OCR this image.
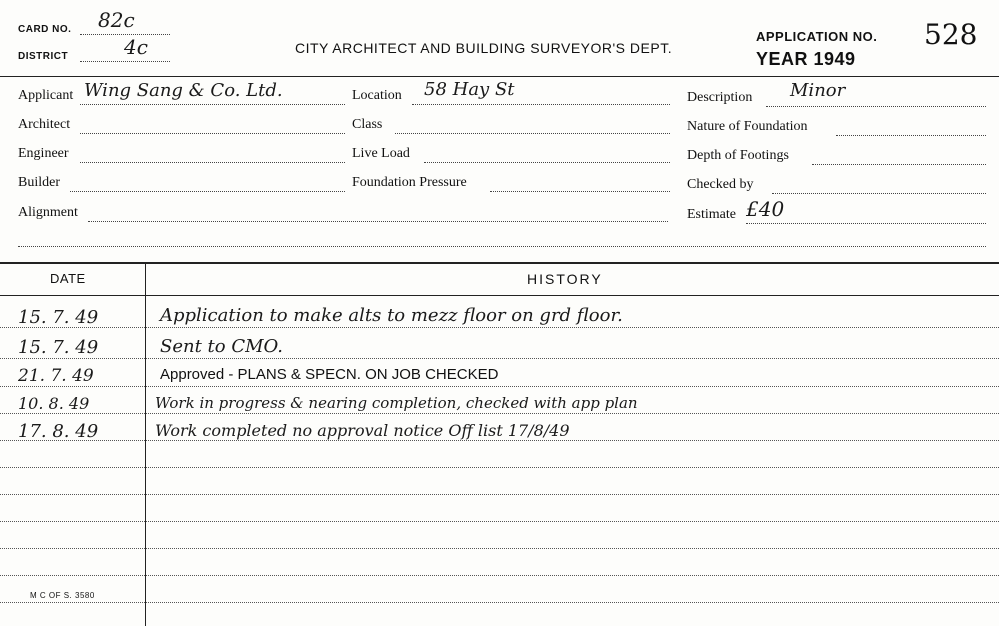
CARD NO. 82c
DISTRICT	4c	CITY ARCHITECT AND BUILDING SURVEYOR'S DEPT.
APPLICATION NO. 528
YEAR 1949
Applicant Wing Sang & Co. Ltd.
Architect
Engineer
Builder
Alignment
Location 58 Hay St
Class
Live Load
Foundation Pressure
Description Minor
Nature of Foundation
Depth of Footings
Checked by
Estimate £40
DATE	HISTORY
15. 7. 49	Application to make alts to mezz floor on grd floor.
15. 7. 49	Sent to CMO.
21. 7. 49	Approved - PLANS & SPECN. ON JOB CHECKED
10. 8. 49	Work in progress & nearing completion, checked with app plan
17. 8. 49	Work completed no approval notice Off list 17/8/49
M C OF S. 3580
